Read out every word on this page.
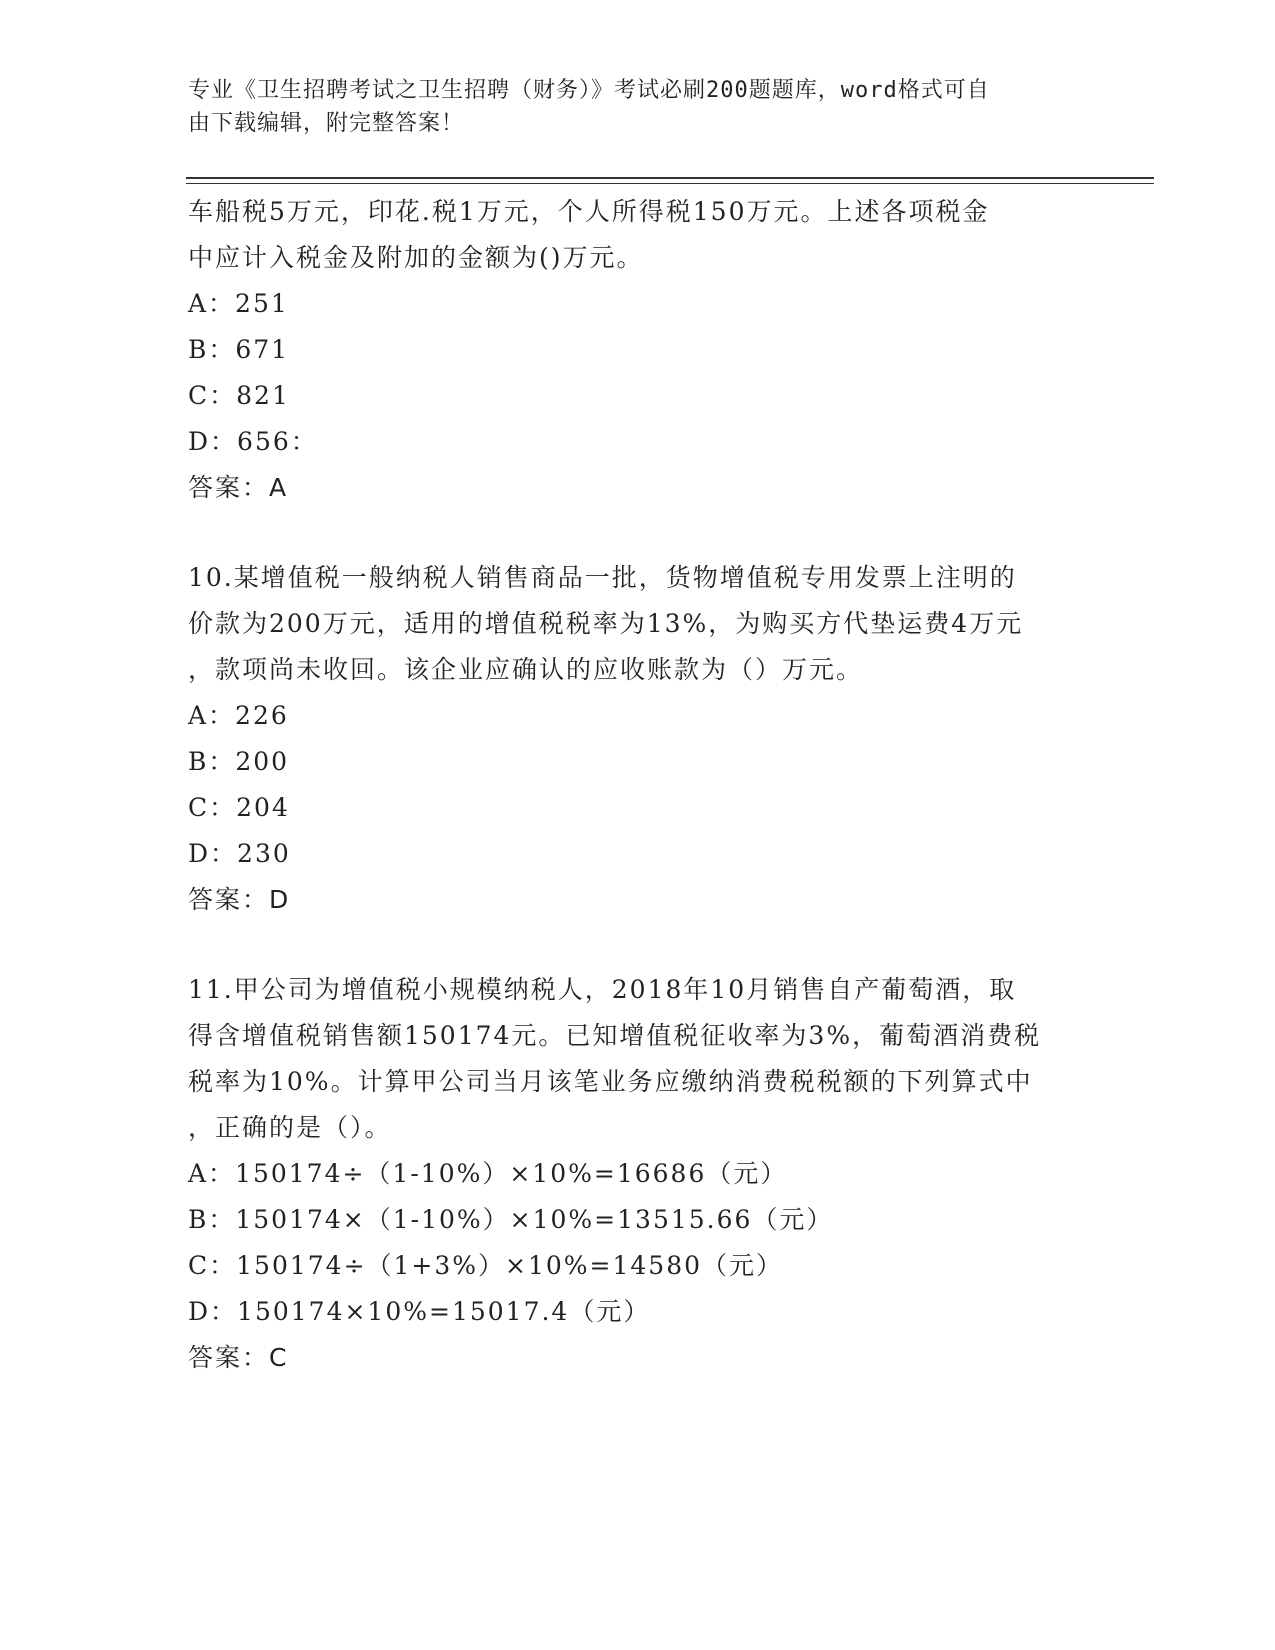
专业《卫生招聘考试之卫生招聘（财务）》考试必刷200题题库，word格式可自
由下载编辑，附完整答案！
车船税5万元，印花.税1万元，个人所得税150万元。上述各项税金
中应计入税金及附加的金额为()万元。
A：251
B：671
C：821
D：656：
答案：A
10.某增值税一般纳税人销售商品一批，货物增值税专用发票上注明的
价款为200万元，适用的增值税税率为13%，为购买方代垫运费4万元
，款项尚未收回。该企业应确认的应收账款为（）万元。
A：226
B：200
C：204
D：230
答案：D
11.甲公司为增值税小规模纳税人，2018年10月销售自产葡萄酒，取
得含增值税销售额150174元。已知增值税征收率为3%，葡萄酒消费税
税率为10%。计算甲公司当月该笔业务应缴纳消费税税额的下列算式中
，正确的是（）。
A：150174÷（1-10%）×10%=16686（元）
B：150174×（1-10%）×10%=13515.66（元）
C：150174÷（1+3%）×10%=14580（元）
D：150174×10%=15017.4（元）
答案：C
